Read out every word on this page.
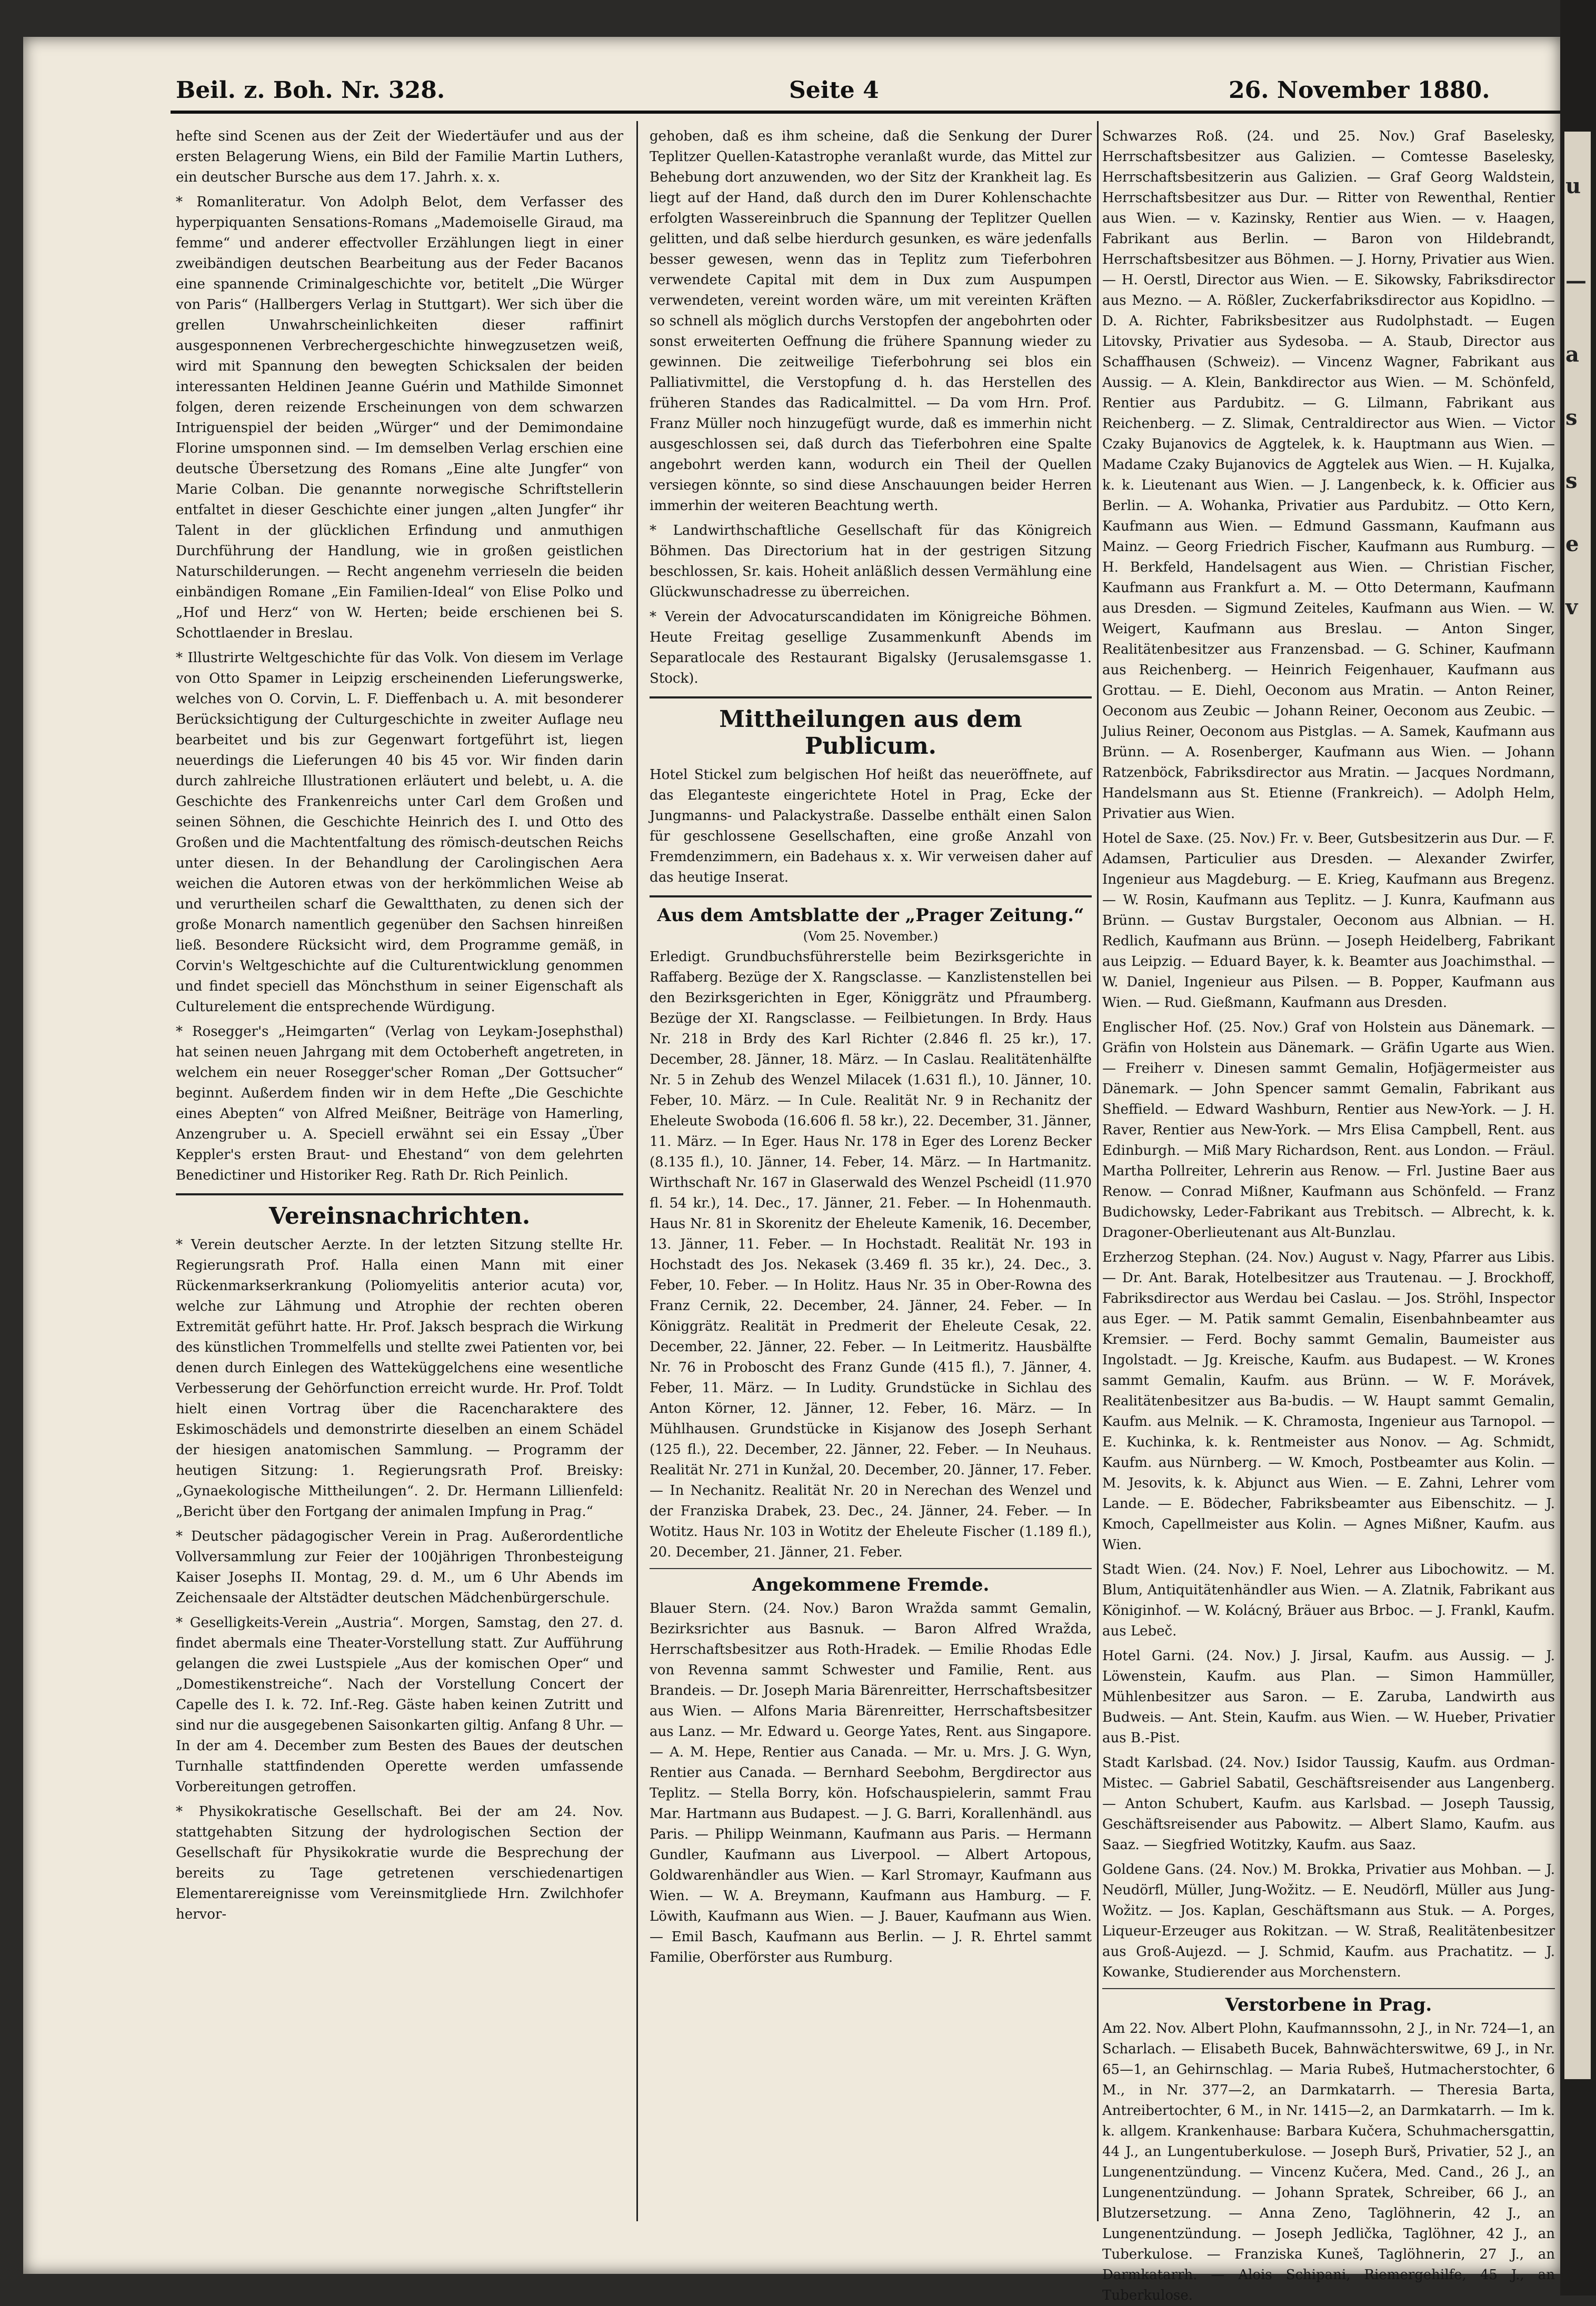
u
—
a
s
s
e
v
Beil. z. Boh. Nr. 328.	Seite 4	26. November 1880.

hefte sind Scenen aus der Zeit der Wiedertäufer und aus der ersten Belagerung Wiens, ein Bild der Familie Martin Luthers, ein deutscher Bursche aus dem 17. Jahrh. x. x.

* Romanliteratur. Von Adolph Belot, dem Verfasser des hyperpiquanten Sensations-Romans „Mademoiselle Giraud, ma femme“ und anderer effectvoller Erzählungen liegt in einer zweibändigen deutschen Bearbeitung aus der Feder Bacanos eine spannende Criminalgeschichte vor, betitelt „Die Würger von Paris“ (Hallbergers Verlag in Stuttgart). Wer sich über die grellen Unwahrscheinlichkeiten dieser raffinirt ausgesponnenen Verbrechergeschichte hinwegzusetzen weiß, wird mit Spannung den bewegten Schicksalen der beiden interessanten Heldinen Jeanne Guérin und Mathilde Simonnet folgen, deren reizende Erscheinungen von dem schwarzen Intriguenspiel der beiden „Würger“ und der Demimondaine Florine umsponnen sind. — Im demselben Verlag erschien eine deutsche Übersetzung des Romans „Eine alte Jungfer“ von Marie Colban. Die genannte norwegische Schriftstellerin entfaltet in dieser Geschichte einer jungen „alten Jungfer“ ihr Talent in der glücklichen Erfindung und anmuthigen Durchführung der Handlung, wie in großen geistlichen Naturschilderungen. — Recht angenehm verrieseln die beiden einbändigen Romane „Ein Familien-Ideal“ von Elise Polko und „Hof und Herz“ von W. Herten; beide erschienen bei S. Schottlaender in Breslau.

* Illustrirte Weltgeschichte für das Volk. Von diesem im Verlage von Otto Spamer in Leipzig erscheinenden Lieferungswerke, welches von O. Corvin, L. F. Dieffenbach u. A. mit besonderer Berücksichtigung der Culturgeschichte in zweiter Auflage neu bearbeitet und bis zur Gegenwart fortgeführt ist, liegen neuerdings die Lieferungen 40 bis 45 vor. Wir finden darin durch zahlreiche Illustrationen erläutert und belebt, u. A. die Geschichte des Frankenreichs unter Carl dem Großen und seinen Söhnen, die Geschichte Heinrich des I. und Otto des Großen und die Machtentfaltung des römisch-deutschen Reichs unter diesen. In der Behandlung der Carolingischen Aera weichen die Autoren etwas von der herkömmlichen Weise ab und verurtheilen scharf die Gewaltthaten, zu denen sich der große Monarch namentlich gegenüber den Sachsen hinreißen ließ. Besondere Rücksicht wird, dem Programme gemäß, in Corvin's Weltgeschichte auf die Culturentwicklung genommen und findet speciell das Mönchsthum in seiner Eigenschaft als Culturelement die entsprechende Würdigung.

* Rosegger's „Heimgarten“ (Verlag von Leykam-Josephsthal) hat seinen neuen Jahrgang mit dem Octoberheft angetreten, in welchem ein neuer Rosegger'scher Roman „Der Gottsucher“ beginnt. Außerdem finden wir in dem Hefte „Die Geschichte eines Abepten“ von Alfred Meißner, Beiträge von Hamerling, Anzengruber u. A. Speciell erwähnt sei ein Essay „Über Keppler's ersten Braut- und Ehestand“ von dem gelehrten Benedictiner und Historiker Reg. Rath Dr. Rich Peinlich.

Vereinsnachrichten.

* Verein deutscher Aerzte. In der letzten Sitzung stellte Hr. Regierungsrath Prof. Halla einen Mann mit einer Rückenmarkserkrankung (Poliomyelitis anterior acuta) vor, welche zur Lähmung und Atrophie der rechten oberen Extremität geführt hatte. Hr. Prof. Jaksch besprach die Wirkung des künstlichen Trommelfells und stellte zwei Patienten vor, bei denen durch Einlegen des Watteküggelchens eine wesentliche Verbesserung der Gehörfunction erreicht wurde. Hr. Prof. Toldt hielt einen Vortrag über die Racencharaktere des Eskimoschädels und demonstrirte dieselben an einem Schädel der hiesigen anatomischen Sammlung. — Programm der heutigen Sitzung: 1. Regierungsrath Prof. Breisky: „Gynaekologische Mittheilungen“. 2. Dr. Hermann Lillienfeld: „Bericht über den Fortgang der animalen Impfung in Prag.“

* Deutscher pädagogischer Verein in Prag. Außerordentliche Vollversammlung zur Feier der 100jährigen Thronbesteigung Kaiser Josephs II. Montag, 29. d. M., um 6 Uhr Abends im Zeichensaale der Altstädter deutschen Mädchenbürgerschule.

* Geselligkeits-Verein „Austria“. Morgen, Samstag, den 27. d. findet abermals eine Theater-Vorstellung statt. Zur Aufführung gelangen die zwei Lustspiele „Aus der komischen Oper“ und „Domestikenstreiche“. Nach der Vorstellung Concert der Capelle des I. k. 72. Inf.-Reg. Gäste haben keinen Zutritt und sind nur die ausgegebenen Saisonkarten giltig. Anfang 8 Uhr. — In der am 4. December zum Besten des Baues der deutschen Turnhalle stattfindenden Operette werden umfassende Vorbereitungen getroffen.

* Physikokratische Gesellschaft. Bei der am 24. Nov. stattgehabten Sitzung der hydrologischen Section der Gesellschaft für Physikokratie wurde die Besprechung der bereits zu Tage getretenen verschiedenartigen Elementarereignisse vom Vereinsmitgliede Hrn. Zwilchhofer hervor-

gehoben, daß es ihm scheine, daß die Senkung der Durer Teplitzer Quellen-Katastrophe veranlaßt wurde, das Mittel zur Behebung dort anzuwenden, wo der Sitz der Krankheit lag. Es liegt auf der Hand, daß durch den im Durer Kohlenschachte erfolgten Wassereinbruch die Spannung der Teplitzer Quellen gelitten, und daß selbe hierdurch gesunken, es wäre jedenfalls besser gewesen, wenn das in Teplitz zum Tieferbohren verwendete Capital mit dem in Dux zum Auspumpen verwendeten, vereint worden wäre, um mit vereinten Kräften so schnell als möglich durchs Verstopfen der angebohrten oder sonst erweiterten Oeffnung die frühere Spannung wieder zu gewinnen. Die zeitweilige Tieferbohrung sei blos ein Palliativmittel, die Verstopfung d. h. das Herstellen des früheren Standes das Radicalmittel. — Da vom Hrn. Prof. Franz Müller noch hinzugefügt wurde, daß es immerhin nicht ausgeschlossen sei, daß durch das Tieferbohren eine Spalte angebohrt werden kann, wodurch ein Theil der Quellen versiegen könnte, so sind diese Anschauungen beider Herren immerhin der weiteren Beachtung werth.

* Landwirthschaftliche Gesellschaft für das Königreich Böhmen. Das Directorium hat in der gestrigen Sitzung beschlossen, Sr. kais. Hoheit anläßlich dessen Vermählung eine Glückwunschadresse zu überreichen.

* Verein der Advocaturscandidaten im Königreiche Böhmen. Heute Freitag gesellige Zusammenkunft Abends im Separatlocale des Restaurant Bigalsky (Jerusalemsgasse 1. Stock).

Mittheilungen aus dem Publicum.

Hotel Stickel zum belgischen Hof heißt das neueröffnete, auf das Eleganteste eingerichtete Hotel in Prag, Ecke der Jungmanns- und Palackystraße. Dasselbe enthält einen Salon für geschlossene Gesellschaften, eine große Anzahl von Fremdenzimmern, ein Badehaus x. x. Wir verweisen daher auf das heutige Inserat.

Aus dem Amtsblatte der „Prager Zeitung.“
(Vom 25. November.)

Erledigt. Grundbuchsführerstelle beim Bezirksgerichte in Raffaberg. Bezüge der X. Rangsclasse. — Kanzlistenstellen bei den Bezirksgerichten in Eger, Königgrätz und Pfraumberg. Bezüge der XI. Rangsclasse. — Feilbietungen. In Brdy. Haus Nr. 218 in Brdy des Karl Richter (2.846 fl. 25 kr.), 17. December, 28. Jänner, 18. März. — In Caslau. Realitätenhälfte Nr. 5 in Zehub des Wenzel Milacek (1.631 fl.), 10. Jänner, 10. Feber, 10. März. — In Cule. Realität Nr. 9 in Rechanitz der Eheleute Swoboda (16.606 fl. 58 kr.), 22. December, 31. Jänner, 11. März. — In Eger. Haus Nr. 178 in Eger des Lorenz Becker (8.135 fl.), 10. Jänner, 14. Feber, 14. März. — In Hartmanitz. Wirthschaft Nr. 167 in Glaserwald des Wenzel Pscheidl (11.970 fl. 54 kr.), 14. Dec., 17. Jänner, 21. Feber. — In Hohenmauth. Haus Nr. 81 in Skorenitz der Eheleute Kamenik, 16. December, 13. Jänner, 11. Feber. — In Hochstadt. Realität Nr. 193 in Hochstadt des Jos. Nekasek (3.469 fl. 35 kr.), 24. Dec., 3. Feber, 10. Feber. — In Holitz. Haus Nr. 35 in Ober-Rowna des Franz Cernik, 22. December, 24. Jänner, 24. Feber. — In Königgrätz. Realität in Predmerit der Eheleute Cesak, 22. December, 22. Jänner, 22. Feber. — In Leitmeritz. Hausbälfte Nr. 76 in Proboscht des Franz Gunde (415 fl.), 7. Jänner, 4. Feber, 11. März. — In Ludity. Grundstücke in Sichlau des Anton Körner, 12. Jänner, 12. Feber, 16. März. — In Mühlhausen. Grundstücke in Kisjanow des Joseph Serhant (125 fl.), 22. December, 22. Jänner, 22. Feber. — In Neuhaus. Realität Nr. 271 in Kunžal, 20. December, 20. Jänner, 17. Feber. — In Nechanitz. Realität Nr. 20 in Nerechan des Wenzel und der Franziska Drabek, 23. Dec., 24. Jänner, 24. Feber. — In Wotitz. Haus Nr. 103 in Wotitz der Eheleute Fischer (1.189 fl.), 20. December, 21. Jänner, 21. Feber.

Angekommene Fremde.

Blauer Stern. (24. Nov.) Baron Wražda sammt Gemalin, Bezirksrichter aus Basnuk. — Baron Alfred Wražda, Herrschaftsbesitzer aus Roth-Hradek. — Emilie Rhodas Edle von Revenna sammt Schwester und Familie, Rent. aus Brandeis. — Dr. Joseph Maria Bärenreitter, Herrschaftsbesitzer aus Wien. — Alfons Maria Bärenreitter, Herrschaftsbesitzer aus Lanz. — Mr. Edward u. George Yates, Rent. aus Singapore. — A. M. Hepe, Rentier aus Canada. — Mr. u. Mrs. J. G. Wyn, Rentier aus Canada. — Bernhard Seebohm, Bergdirector aus Teplitz. — Stella Borry, kön. Hofschauspielerin, sammt Frau Mar. Hartmann aus Budapest. — J. G. Barri, Korallenhändl. aus Paris. — Philipp Weinmann, Kaufmann aus Paris. — Hermann Gundler, Kaufmann aus Liverpool. — Albert Artopous, Goldwarenhändler aus Wien. — Karl Stromayr, Kaufmann aus Wien. — W. A. Breymann, Kaufmann aus Hamburg. — F. Löwith, Kaufmann aus Wien. — J. Bauer, Kaufmann aus Wien. — Emil Basch, Kaufmann aus Berlin. — J. R. Ehrtel sammt Familie, Oberförster aus Rumburg.

Schwarzes Roß. (24. und 25. Nov.) Graf Baselesky, Herrschaftsbesitzer aus Galizien. — Comtesse Baselesky, Herrschaftsbesitzerin aus Galizien. — Graf Georg Waldstein, Herrschaftsbesitzer aus Dur. — Ritter von Rewenthal, Rentier aus Wien. — v. Kazinsky, Rentier aus Wien. — v. Haagen, Fabrikant aus Berlin. — Baron von Hildebrandt, Herrschaftsbesitzer aus Böhmen. — J. Horny, Privatier aus Wien. — H. Oerstl, Director aus Wien. — E. Sikowsky, Fabriksdirector aus Mezno. — A. Rößler, Zuckerfabriksdirector aus Kopidlno. — D. A. Richter, Fabriksbesitzer aus Rudolphstadt. — Eugen Litovsky, Privatier aus Sydesoba. — A. Staub, Director aus Schaffhausen (Schweiz). — Vincenz Wagner, Fabrikant aus Aussig. — A. Klein, Bankdirector aus Wien. — M. Schönfeld, Rentier aus Pardubitz. — G. Lilmann, Fabrikant aus Reichenberg. — Z. Slimak, Centraldirector aus Wien. — Victor Czaky Bujanovics de Aggtelek, k. k. Hauptmann aus Wien. — Madame Czaky Bujanovics de Aggtelek aus Wien. — H. Kujalka, k. k. Lieutenant aus Wien. — J. Langenbeck, k. k. Officier aus Berlin. — A. Wohanka, Privatier aus Pardubitz. — Otto Kern, Kaufmann aus Wien. — Edmund Gassmann, Kaufmann aus Mainz. — Georg Friedrich Fischer, Kaufmann aus Rumburg. — H. Berkfeld, Handelsagent aus Wien. — Christian Fischer, Kaufmann aus Frankfurt a. M. — Otto Determann, Kaufmann aus Dresden. — Sigmund Zeiteles, Kaufmann aus Wien. — W. Weigert, Kaufmann aus Breslau. — Anton Singer, Realitätenbesitzer aus Franzensbad. — G. Schiner, Kaufmann aus Reichenberg. — Heinrich Feigenhauer, Kaufmann aus Grottau. — E. Diehl, Oeconom aus Mratin. — Anton Reiner, Oeconom aus Zeubic — Johann Reiner, Oeconom aus Zeubic. — Julius Reiner, Oeconom aus Pistglas. — A. Samek, Kaufmann aus Brünn. — A. Rosenberger, Kaufmann aus Wien. — Johann Ratzenböck, Fabriksdirector aus Mratin. — Jacques Nordmann, Handelsmann aus St. Etienne (Frankreich). — Adolph Helm, Privatier aus Wien.

Hotel de Saxe. (25. Nov.) Fr. v. Beer, Gutsbesitzerin aus Dur. — F. Adamsen, Particulier aus Dresden. — Alexander Zwirfer, Ingenieur aus Magdeburg. — E. Krieg, Kaufmann aus Bregenz. — W. Rosin, Kaufmann aus Teplitz. — J. Kunra, Kaufmann aus Brünn. — Gustav Burgstaler, Oeconom aus Albnian. — H. Redlich, Kaufmann aus Brünn. — Joseph Heidelberg, Fabrikant aus Leipzig. — Eduard Bayer, k. k. Beamter aus Joachimsthal. — W. Daniel, Ingenieur aus Pilsen. — B. Popper, Kaufmann aus Wien. — Rud. Gießmann, Kaufmann aus Dresden.

Englischer Hof. (25. Nov.) Graf von Holstein aus Dänemark. — Gräfin von Holstein aus Dänemark. — Gräfin Ugarte aus Wien. — Freiherr v. Dinesen sammt Gemalin, Hofjägermeister aus Dänemark. — John Spencer sammt Gemalin, Fabrikant aus Sheffield. — Edward Washburn, Rentier aus New-York. — J. H. Raver, Rentier aus New-York. — Mrs Elisa Campbell, Rent. aus Edinburgh. — Miß Mary Richardson, Rent. aus London. — Fräul. Martha Pollreiter, Lehrerin aus Renow. — Frl. Justine Baer aus Renow. — Conrad Mißner, Kaufmann aus Schönfeld. — Franz Budichowsky, Leder-Fabrikant aus Trebitsch. — Albrecht, k. k. Dragoner-Oberlieutenant aus Alt-Bunzlau.

Erzherzog Stephan. (24. Nov.) August v. Nagy, Pfarrer aus Libis. — Dr. Ant. Barak, Hotelbesitzer aus Trautenau. — J. Brockhoff, Fabriksdirector aus Werdau bei Caslau. — Jos. Ströhl, Inspector aus Eger. — M. Patik sammt Gemalin, Eisenbahnbeamter aus Kremsier. — Ferd. Bochy sammt Gemalin, Baumeister aus Ingolstadt. — Jg. Kreische, Kaufm. aus Budapest. — W. Krones sammt Gemalin, Kaufm. aus Brünn. — W. F. Morávek, Realitätenbesitzer aus Ba-budis. — W. Haupt sammt Gemalin, Kaufm. aus Melnik. — K. Chramosta, Ingenieur aus Tarnopol. — E. Kuchinka, k. k. Rentmeister aus Nonov. — Ag. Schmidt, Kaufm. aus Nürnberg. — W. Kmoch, Postbeamter aus Kolin. — M. Jesovits, k. k. Abjunct aus Wien. — E. Zahni, Lehrer vom Lande. — E. Bödecher, Fabriksbeamter aus Eibenschitz. — J. Kmoch, Capellmeister aus Kolin. — Agnes Mißner, Kaufm. aus Wien.

Stadt Wien. (24. Nov.) F. Noel, Lehrer aus Libochowitz. — M. Blum, Antiquitätenhändler aus Wien. — A. Zlatnik, Fabrikant aus Königinhof. — W. Kolácný, Bräuer aus Brboc. — J. Frankl, Kaufm. aus Lebeč.

Hotel Garni. (24. Nov.) J. Jirsal, Kaufm. aus Aussig. — J. Löwenstein, Kaufm. aus Plan. — Simon Hammüller, Mühlenbesitzer aus Saron. — E. Zaruba, Landwirth aus Budweis. — Ant. Stein, Kaufm. aus Wien. — W. Hueber, Privatier aus B.-Pist.

Stadt Karlsbad. (24. Nov.) Isidor Taussig, Kaufm. aus Ordman-Mistec. — Gabriel Sabatil, Geschäftsreisender aus Langenberg. — Anton Schubert, Kaufm. aus Karlsbad. — Joseph Taussig, Geschäftsreisender aus Pabowitz. — Albert Slamo, Kaufm. aus Saaz. — Siegfried Wotitzky, Kaufm. aus Saaz.

Goldene Gans. (24. Nov.) M. Brokka, Privatier aus Mohban. — J. Neudörfl, Müller, Jung-Wožitz. — E. Neudörfl, Müller aus Jung-Wožitz. — Jos. Kaplan, Geschäftsmann aus Stuk. — A. Porges, Liqueur-Erzeuger aus Rokitzan. — W. Straß, Realitätenbesitzer aus Groß-Aujezd. — J. Schmid, Kaufm. aus Prachatitz. — J. Kowanke, Studierender aus Morchenstern.

Verstorbene in Prag.

Am 22. Nov. Albert Plohn, Kaufmannssohn, 2 J., in Nr. 724—1, an Scharlach. — Elisabeth Bucek, Bahnwächterswitwe, 69 J., in Nr. 65—1, an Gehirnschlag. — Maria Rubeš, Hutmacherstochter, 6 M., in Nr. 377—2, an Darmkatarrh. — Theresia Barta, Antreibertochter, 6 M., in Nr. 1415—2, an Darmkatarrh. — Im k. k. allgem. Krankenhause: Barbara Kučera, Schuhmachersgattin, 44 J., an Lungentuberkulose. — Joseph Burš, Privatier, 52 J., an Lungenentzündung. — Vincenz Kučera, Med. Cand., 26 J., an Lungenentzündung. — Johann Spratek, Schreiber, 66 J., an Blutzersetzung. — Anna Zeno, Taglöhnerin, 42 J., an Lungenentzündung. — Joseph Jedlička, Taglöhner, 42 J., an Tuberkulose. — Franziska Kuneš, Taglöhnerin, 27 J., an Darmkatarrh. — Alois Schipani, Riemergehilfe, 45 J., an Tuberkulose.
